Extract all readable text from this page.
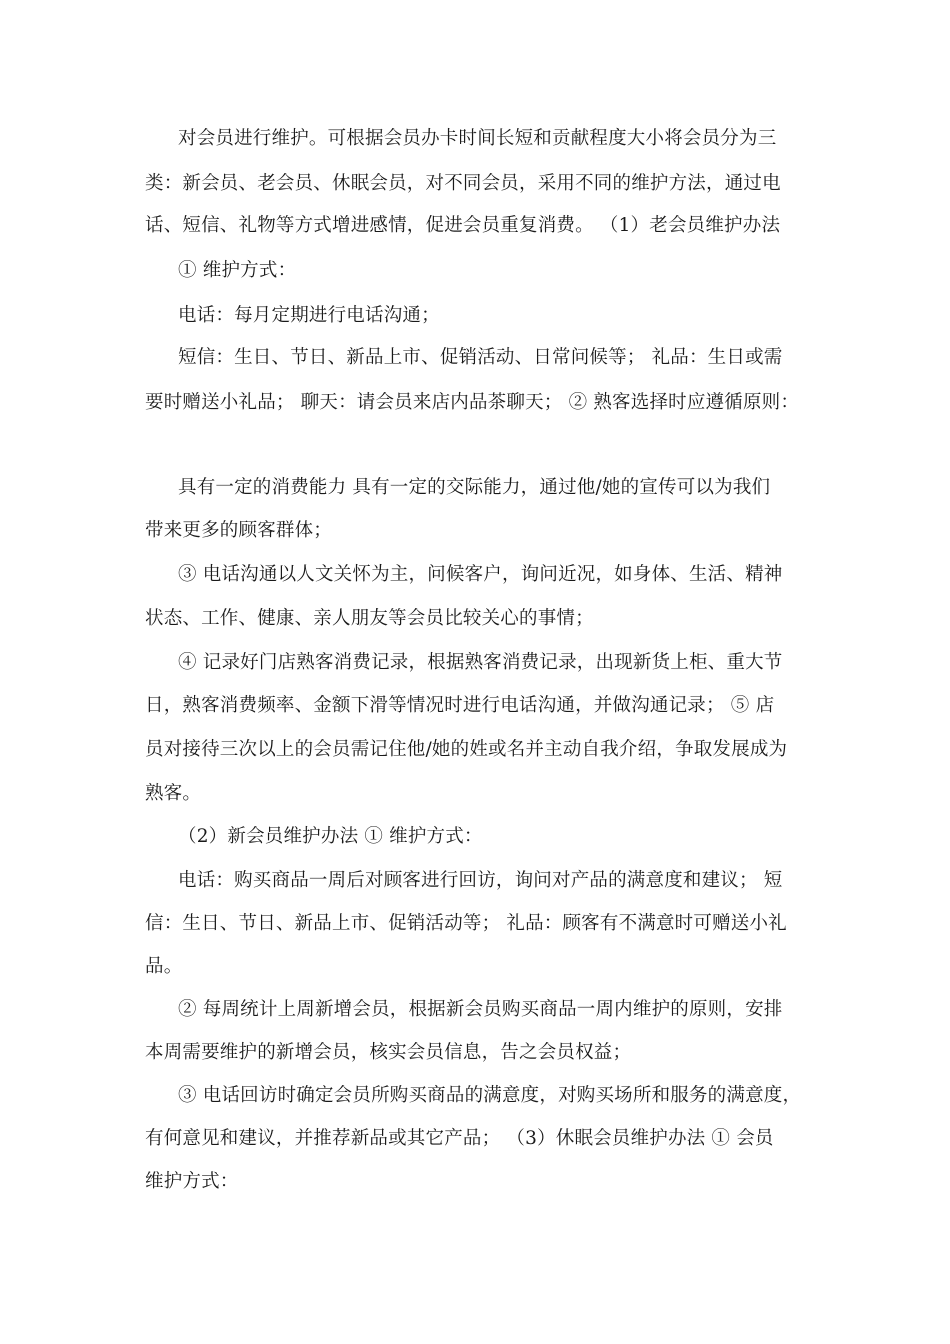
对会员进行维护。可根据会员办卡时间长短和贡献程度大小将会员分为三
类：新会员、老会员、休眠会员，对不同会员，采用不同的维护方法，通过电
话、短信、礼物等方式增进感情，促进会员重复消费。 （1）老会员维护办法
① 维护方式：
电话：每月定期进行电话沟通；
短信：生日、节日、新品上市、促销活动、日常问候等； 礼品：生日或需
要时赠送小礼品； 聊天：请会员来店内品茶聊天； ② 熟客选择时应遵循原则：
具有一定的消费能力 具有一定的交际能力，通过他/她的宣传可以为我们
带来更多的顾客群体；
③ 电话沟通以人文关怀为主，问候客户，询问近况，如身体、生活、精神
状态、工作、健康、亲人朋友等会员比较关心的事情；
④ 记录好门店熟客消费记录，根据熟客消费记录，出现新货上柜、重大节
日，熟客消费频率、金额下滑等情况时进行电话沟通，并做沟通记录； ⑤ 店
员对接待三次以上的会员需记住他/她的姓或名并主动自我介绍，争取发展成为
熟客。
（2）新会员维护办法 ① 维护方式：
电话：购买商品一周后对顾客进行回访，询问对产品的满意度和建议； 短
信：生日、节日、新品上市、促销活动等； 礼品：顾客有不满意时可赠送小礼
品。
② 每周统计上周新增会员，根据新会员购买商品一周内维护的原则，安排
本周需要维护的新增会员，核实会员信息，告之会员权益；
③ 电话回访时确定会员所购买商品的满意度，对购买场所和服务的满意度，
有何意见和建议，并推荐新品或其它产品； （3）休眠会员维护办法 ① 会员
维护方式：
